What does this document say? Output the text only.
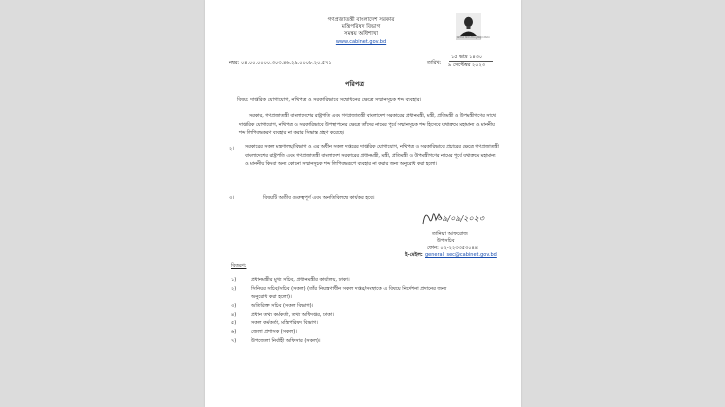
গণপ্রজাতন্ত্রী বাংলাদেশ সরকার
মন্ত্রিপরিষদ বিভাগ
সমন্বয় অধিশাখা
www.cabinet.gov.bd
জাতির পিতা শেখ মুজিবুর রহমান
নম্বর: ০৪.০০.০০০০.৩০৩.৪৬.২৯.০০০৮.২০.৫৭১	তারিখ:
১৫ ভাদ্র ১৪৩০
৯ সেপ্টেম্বর ২০২৩
পরিপত্র
বিষয়: দাপ্তরিক যোগাযোগ, নথিপত্র ও সরকারিভাবে সম্বোধনের ক্ষেত্রে সম্মানসূচক শব্দ ব্যবহার।
সরকার, গণপ্রজাতন্ত্রী বাংলাদেশের রাষ্ট্রপতি এবং গণপ্রজাতন্ত্রী বাংলাদেশ সরকারের প্রধানমন্ত্রী, মন্ত্রী, প্রতিমন্ত্রী ও উপমন্ত্রীগণের সাথে দাপ্তরিক যোগাযোগ, নথিপত্র ও সরকারিভাবে উপস্থাপনের ক্ষেত্রে তাঁদের নামের পূর্বে সম্মানসূচক শব্দ হিসেবে যথাক্রমে মহামান্য ও মাননীয় শব্দ লিপিবদ্ধকরণ ব্যবহার না করার সিদ্ধান্ত গ্রহণ করেছে।
২। সরকারের সকল মন্ত্রণালয়/বিভাগ ও এর অধীন সকল দপ্তরের দাপ্তরিক যোগাযোগ, নথিপত্র ও সরকারিভাবে প্রচারের ক্ষেত্রে গণপ্রজাতন্ত্রী বাংলাদেশের রাষ্ট্রপতি এবং গণপ্রজাতন্ত্রী বাংলাদেশ সরকারের প্রধানমন্ত্রী, মন্ত্রী, প্রতিমন্ত্রী ও উপমন্ত্রীগণের নামের পূর্বে যথাক্রমে মহামান্য ও মাননীয় কিংবা অন্য কোনো সম্মানসূচক শব্দ লিপিবদ্ধরূপে ব্যবহার না করার জন্য অনুরোধ করা হলো।
৩।	বিষয়টি অতীব গুরুত্বপূর্ণ এবং অনতিবিলম্বে কার্যকর হবে।
০৯/০৯/২০২৩
তানিয়া আফরোজ
উপসচিব
ফোন: ০২-২২৩৩৫৩০৪৪
ই-মেইল: general_sec@cabinet.gov.bd
বিতরণ:
১)	প্রধানমন্ত্রীর মুখ্য সচিব, প্রধানমন্ত্রীর কার্যালয়, ঢাকা।
২)	সিনিয়র সচিব/সচিব (সকল) (তাঁর নিয়ন্ত্রণাধীন সকল দপ্তর/সংস্থাকে এ বিষয়ে নির্দেশনা প্রদানের জন্য
অনুরোধ করা হলো)।
৩)	অতিরিক্ত সচিব (সকল বিভাগ)।
৪)	প্রধান তথ্য কর্মকর্তা, তথ্য অধিদপ্তর, ঢাকা।
৫)	সকল কর্মকর্তা, মন্ত্রিপরিষদ বিভাগ।
৬)	জেলা প্রশাসক (সকল)।
৭)	উপজেলা নির্বাহী অফিসার (সকল)।
